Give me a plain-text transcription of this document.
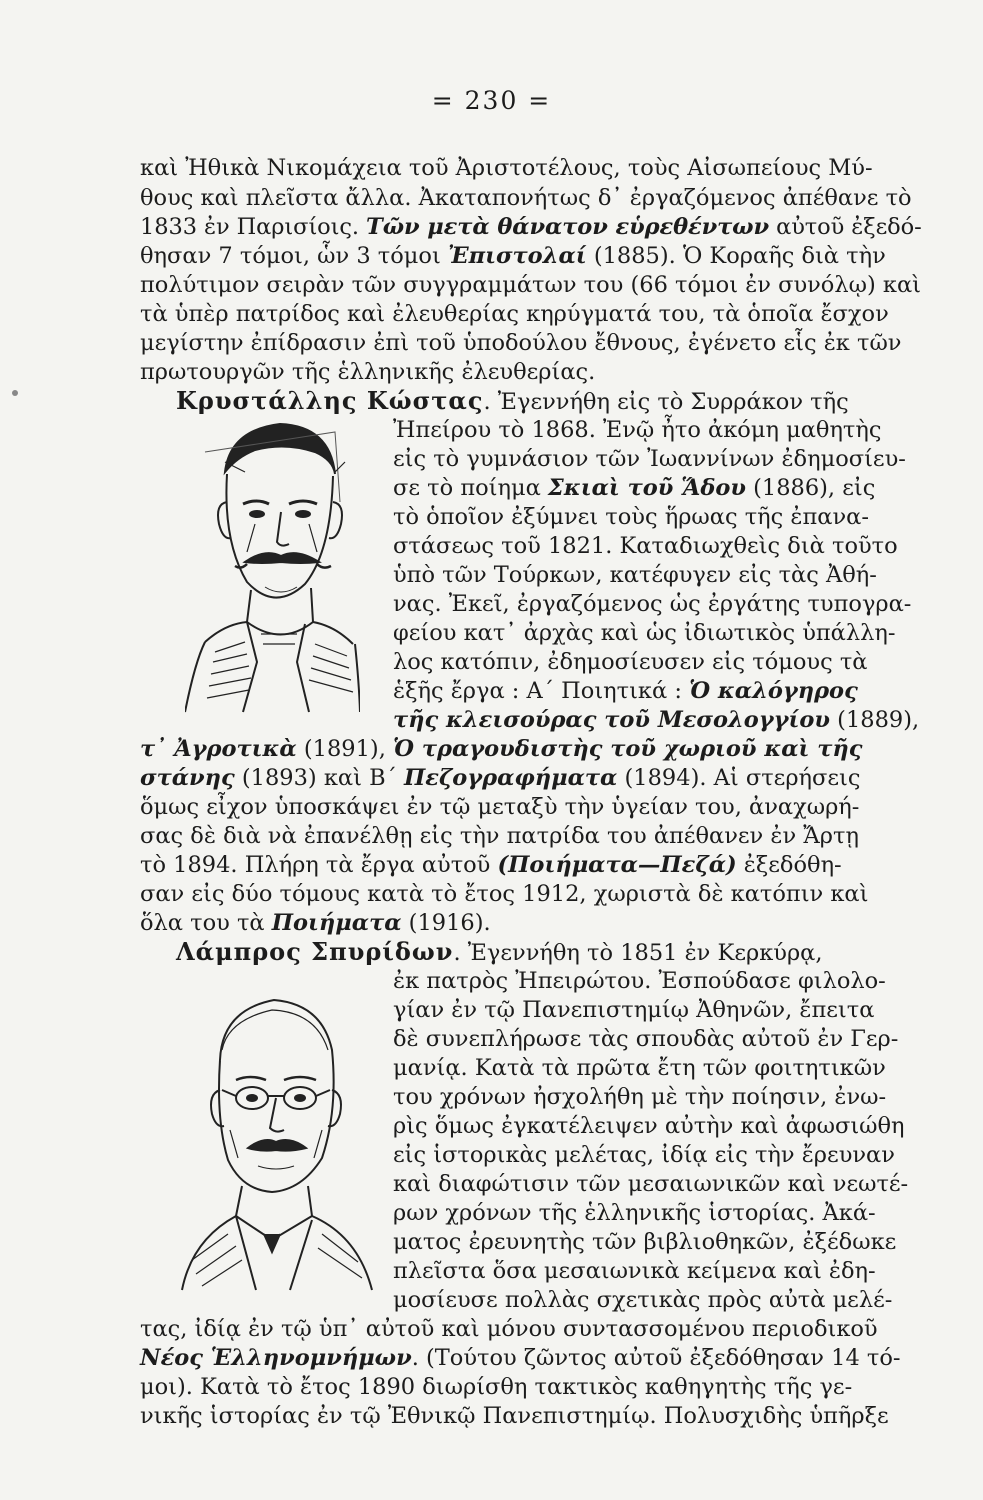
= 230 =
καὶ Ἠθικὰ Νικομάχεια τοῦ Ἀριστοτέλους, τοὺς Αἰσωπείους Μύ-
θους καὶ πλεῖστα ἄλλα. Ἀκαταπονήτως δ᾽ ἐργαζόμενος ἀπέθανε τὸ
1833 ἐν Παρισίοις. Τῶν μετὰ θάνατον εὑρεθέντων αὐτοῦ ἐξεδό-
θησαν 7 τόμοι, ὧν 3 τόμοι Ἐπιστολαί (1885). Ὁ Κοραῆς διὰ τὴν
πολύτιμον σειρὰν τῶν συγγραμμάτων του (66 τόμοι ἐν συνόλῳ) καὶ
τὰ ὑπὲρ πατρίδος καὶ ἐλευθερίας κηρύγματά του, τὰ ὁποῖα ἔσχον
μεγίστην ἐπίδρασιν ἐπὶ τοῦ ὑποδούλου ἔθνους, ἐγένετο εἷς ἐκ τῶν
πρωτουργῶν τῆς ἑλληνικῆς ἐλευθερίας.
Κρυστάλλης Κώστας. Ἐγεννήθη εἰς τὸ Συρράκον τῆς
Ἠπείρου τὸ 1868. Ἐνῷ ἦτο ἀκόμη μαθητὴς
εἰς τὸ γυμνάσιον τῶν Ἰωαννίνων ἐδημοσίευ-
σε τὸ ποίημα Σκιαὶ τοῦ Ἅδου (1886), εἰς
τὸ ὁποῖον ἐξύμνει τοὺς ἥρωας τῆς ἐπανα-
στάσεως τοῦ 1821. Καταδιωχθεὶς διὰ τοῦτο
ὑπὸ τῶν Τούρκων, κατέφυγεν εἰς τὰς Ἀθή-
νας. Ἐκεῖ, ἐργαζόμενος ὡς ἐργάτης τυπογρα-
φείου κατ᾽ ἀρχὰς καὶ ὡς ἰδιωτικὸς ὑπάλλη-
λος κατόπιν, ἐδημοσίευσεν εἰς τόμους τὰ
ἑξῆς ἔργα : Α΄ Ποιητικά : Ὁ καλόγηρος
τῆς κλεισούρας τοῦ Μεσολογγίου (1889),
τ᾽ Ἀγροτικὰ (1891), Ὁ τραγουδιστὴς τοῦ χωριοῦ καὶ τῆς
στάνης (1893) καὶ Β΄ Πεζογραφήματα (1894). Αἱ στερήσεις
ὅμως εἶχον ὑποσκάψει ἐν τῷ μεταξὺ τὴν ὑγείαν του, ἀναχωρή-
σας δὲ διὰ νὰ ἐπανέλθῃ εἰς τὴν πατρίδα του ἀπέθανεν ἐν Ἄρτῃ
τὸ 1894. Πλήρη τὰ ἔργα αὐτοῦ (Ποιήματα—Πεζά) ἐξεδόθη-
σαν εἰς δύο τόμους κατὰ τὸ ἔτος 1912, χωριστὰ δὲ κατόπιν καὶ
ὅλα του τὰ Ποιήματα (1916).
Λάμπρος Σπυρίδων. Ἐγεννήθη τὸ 1851 ἐν Κερκύρᾳ,
ἐκ πατρὸς Ἠπειρώτου. Ἐσπούδασε φιλολο-
γίαν ἐν τῷ Πανεπιστημίῳ Ἀθηνῶν, ἔπειτα
δὲ συνεπλήρωσε τὰς σπουδὰς αὐτοῦ ἐν Γερ-
μανίᾳ. Κατὰ τὰ πρῶτα ἔτη τῶν φοιτητικῶν
του χρόνων ἠσχολήθη μὲ τὴν ποίησιν, ἐνω-
ρὶς ὅμως ἐγκατέλειψεν αὐτὴν καὶ ἀφωσιώθη
εἰς ἱστορικὰς μελέτας, ἰδίᾳ εἰς τὴν ἔρευναν
καὶ διαφώτισιν τῶν μεσαιωνικῶν καὶ νεωτέ-
ρων χρόνων τῆς ἑλληνικῆς ἱστορίας. Ἀκά-
ματος ἐρευνητὴς τῶν βιβλιοθηκῶν, ἐξέδωκε
πλεῖστα ὅσα μεσαιωνικὰ κείμενα καὶ ἐδη-
μοσίευσε πολλὰς σχετικὰς πρὸς αὐτὰ μελέ-
τας, ἰδίᾳ ἐν τῷ ὑπ᾽ αὐτοῦ καὶ μόνου συντασσομένου περιοδικοῦ
Νέος Ἑλληνομνήμων. (Τούτου ζῶντος αὐτοῦ ἐξεδόθησαν 14 τό-
μοι). Κατὰ τὸ ἔτος 1890 διωρίσθη τακτικὸς καθηγητὴς τῆς γε-
νικῆς ἱστορίας ἐν τῷ Ἐθνικῷ Πανεπιστημίῳ. Πολυσχιδὴς ὑπῆρξε
